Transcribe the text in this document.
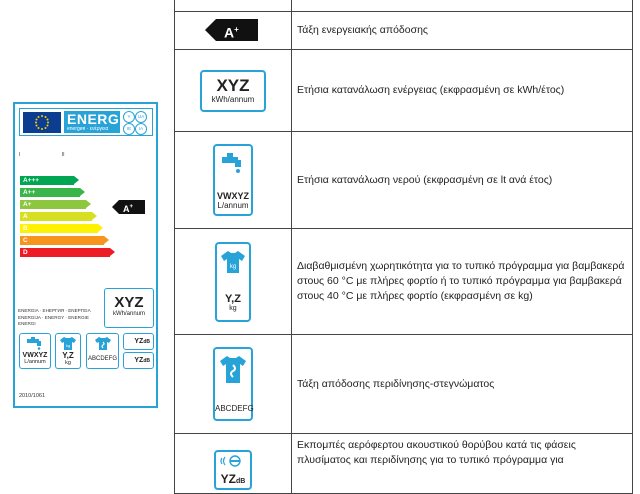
ENERG
energия · ενέργεια
Y	IJA
IE	IA
I	II
A+++
A++
A+
A
B
C
D
A+
ENERGIA · ЕНЕРГИЯ · ΕΝΕΡΓΕΙΑ ENERGIJA · ENERGY · ENERGIE ENERGI
XYZ
kWh/annum
VWXYZ
L/annum
kg
Y,Z
kg
ABCDEFG
YZdB
YZdB
2010/1061

A+	Τάξη ενεργειακής απόδοσης

XYZ
kWh/annum	Ετήσια κατανάλωση ενέργειας (εκφρασμένη σε kWh/έτος)

VWXYZ
L/annum	Ετήσια κατανάλωση νερού (εκφρασμένη σε lt ανά έτος)

kg
Y,Z
kg	Διαβαθμισμένη χωρητικότητα για το τυπικό πρόγραμμα για βαμβακερά στους 60 °C με πλήρες φορτίο ή το τυπικό πρόγραμμα για βαμβακερά στους 40 °C με πλήρες φορτίο (εκφρασμένη σε kg)

ABCDEFG	Τάξη απόδοσης περιδίνησης-στεγνώματος

YZdB	Εκπομπές αερόφερτου ακουστικού θορύβου κατά τις φάσεις πλυσίματος και περιδίνησης για το τυπικό πρόγραμμα για
